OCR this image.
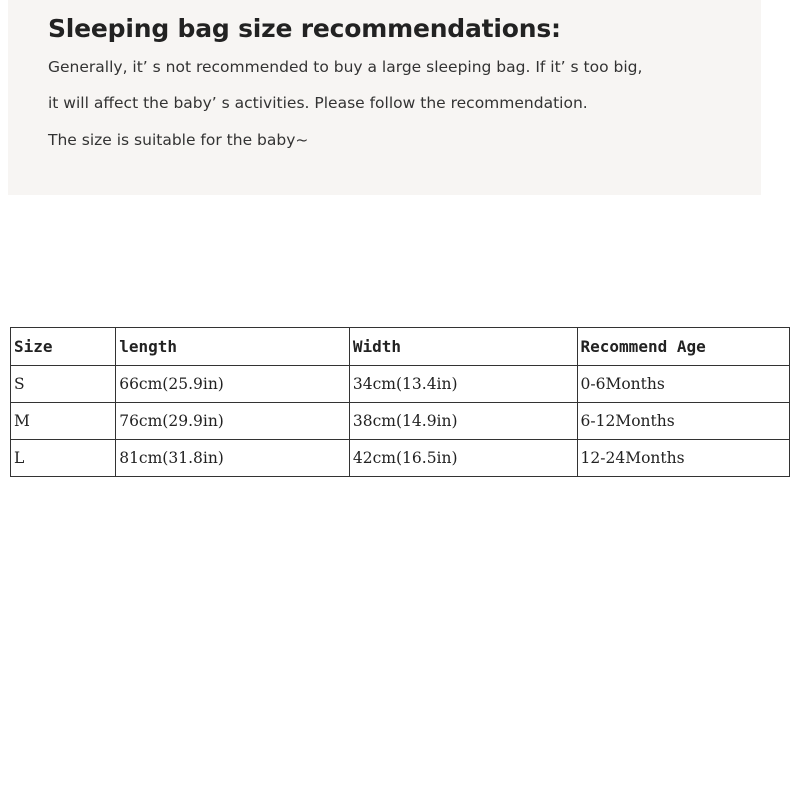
Sleeping bag size recommendations:

Generally, it’ s not recommended to buy a large sleeping bag. If it’ s too big,

it will affect the baby’ s activities. Please follow the recommendation.

The size is suitable for the baby~

Size	length	Width	Recommend Age
S	66cm(25.9in)	34cm(13.4in)	0-6Months
M	76cm(29.9in)	38cm(14.9in)	6-12Months
L	81cm(31.8in)	42cm(16.5in)	12-24Months
